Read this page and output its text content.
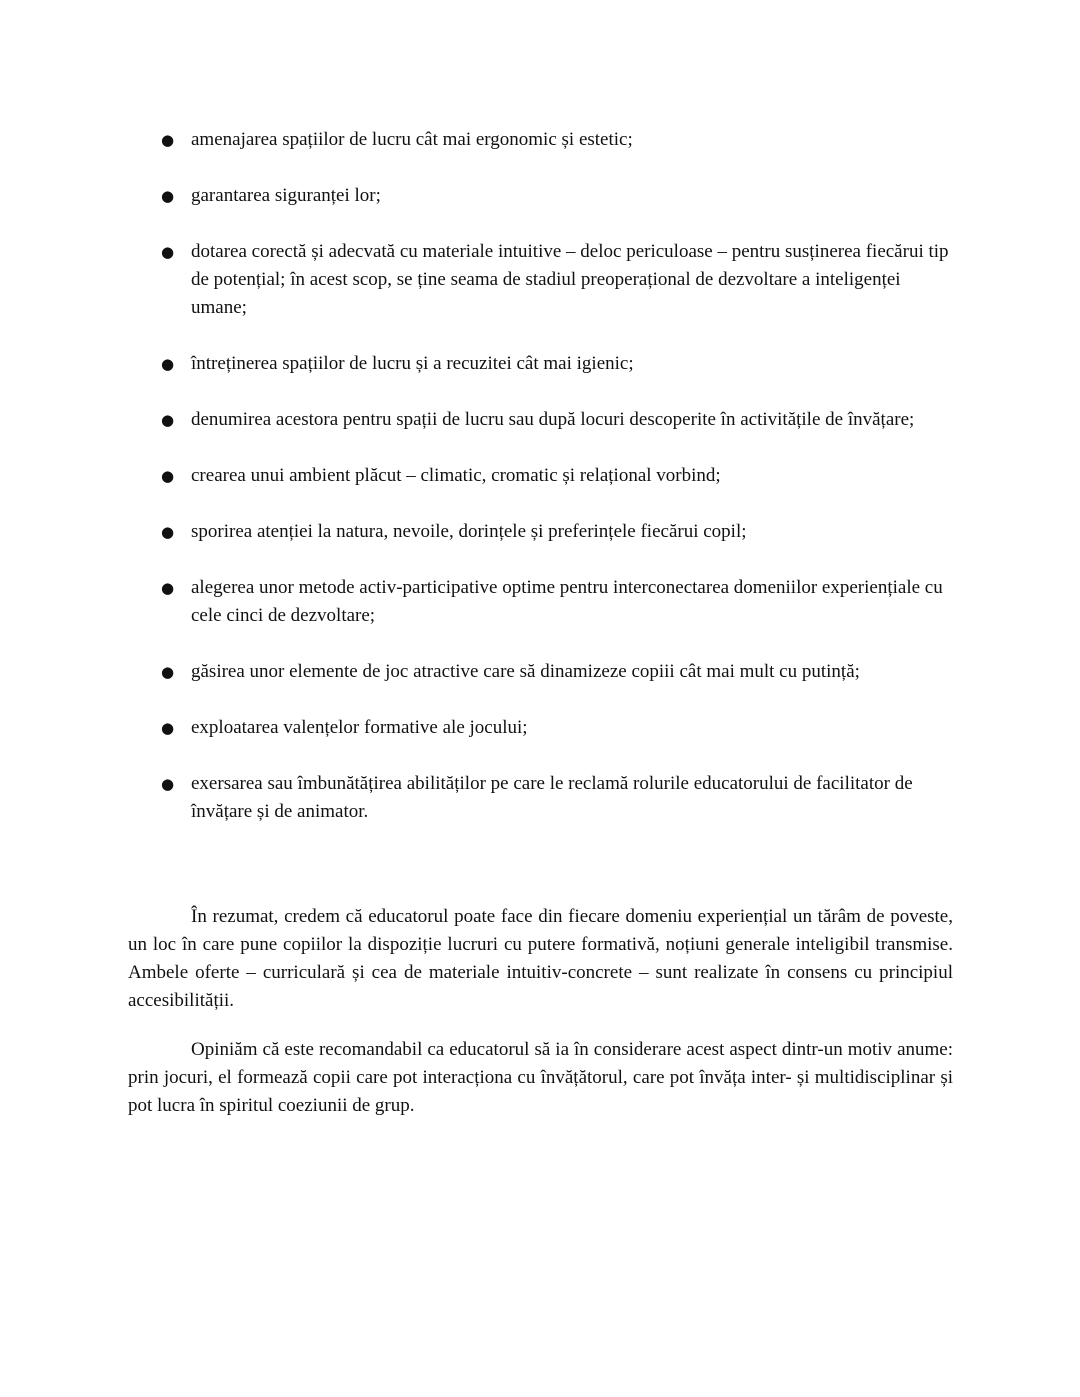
● amenajarea spațiilor de lucru cât mai ergonomic și estetic;
● garantarea siguranței lor;
● dotarea corectă și adecvată cu materiale intuitive – deloc periculoase – pentru susținerea fiecărui tip de potențial; în acest scop, se ține seama de stadiul preoperațional de dezvoltare a inteligenței umane;
● întreținerea spațiilor de lucru și a recuzitei cât mai igienic;
● denumirea acestora pentru spații de lucru sau după locuri descoperite în activitățile de învățare;
● crearea unui ambient plăcut – climatic, cromatic și relațional vorbind;
● sporirea atenției la natura, nevoile, dorințele și preferințele fiecărui copil;
● alegerea unor metode activ-participative optime pentru interconectarea domeniilor experiențiale cu cele cinci de dezvoltare;
● găsirea unor elemente de joc atractive care să dinamizeze copiii cât mai mult cu putință;
● exploatarea valențelor formative ale jocului;
● exersarea sau îmbunătățirea abilităților pe care le reclamă rolurile educatorului de facilitator de învățare și de animator.

În rezumat, credem că educatorul poate face din fiecare domeniu experiențial un tărâm de poveste, un loc în care pune copiilor la dispoziție lucruri cu putere formativă, noțiuni generale inteligibil transmise. Ambele oferte – curriculară și cea de materiale intuitiv-concrete – sunt realizate în consens cu principiul accesibilității.

Opiniăm că este recomandabil ca educatorul să ia în considerare acest aspect dintr-un motiv anume: prin jocuri, el formează copii care pot interacționa cu învățătorul, care pot învăța inter- și multidisciplinar și pot lucra în spiritul coeziunii de grup.
